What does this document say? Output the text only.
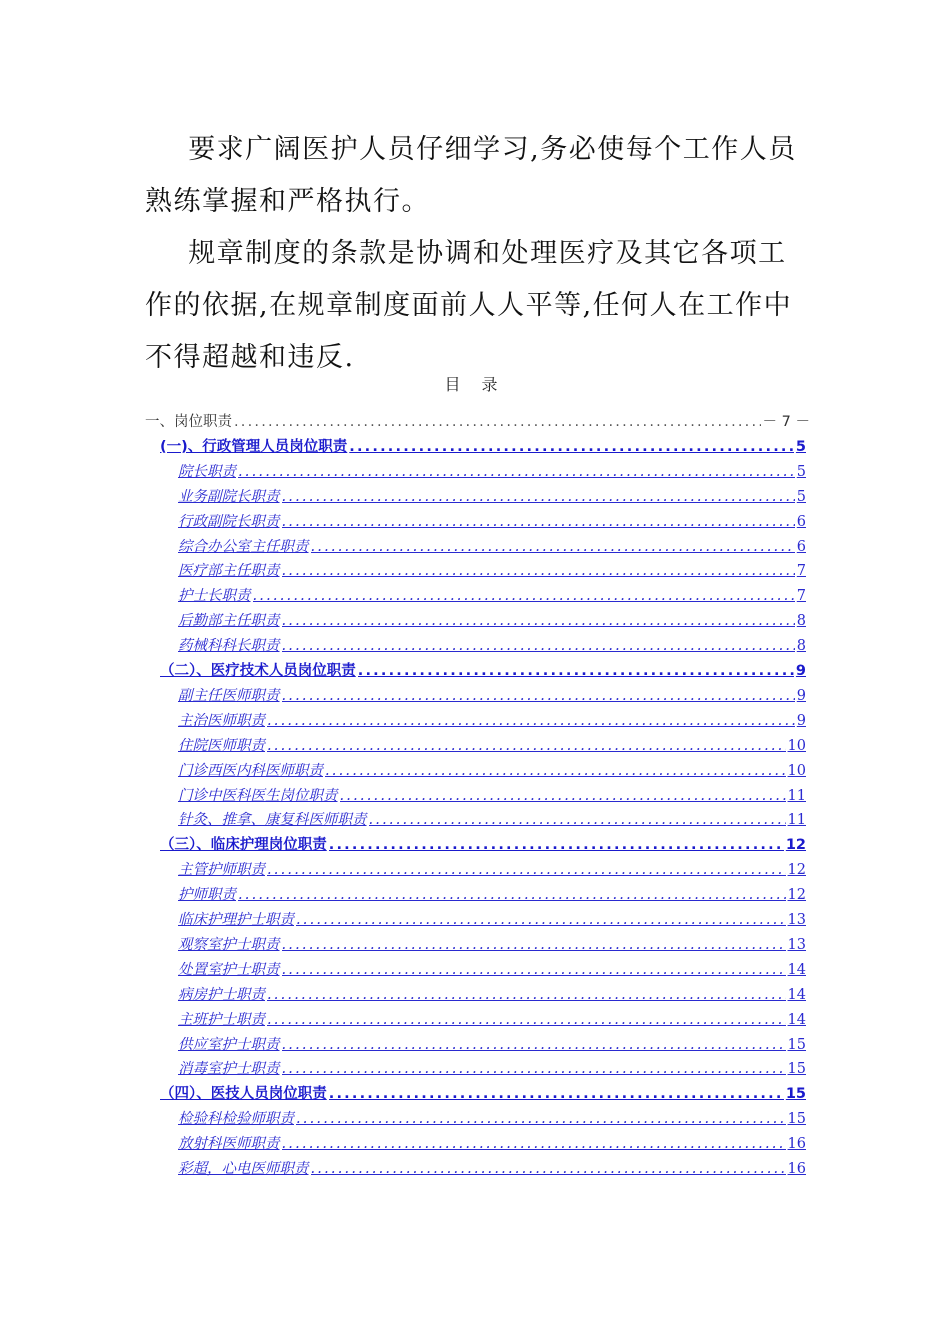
要求广阔医护人员仔细学习,务必使每个工作人员熟练掌握和严格执行。

规章制度的条款是协调和处理医疗及其它各项工作的依据,在规章制度面前人人平等,任何人在工作中不得超越和违反.

目 录
一、岗位职责 .....	－ 7 －
(一)、行政管理人员岗位职责 .....	5
院长职责 .....	5
业务副院长职责 .....	5
行政副院长职责 .....	6
综合办公室主任职责 .....	6
医疗部主任职责 .....	7
护士长职责 .....	7
后勤部主任职责 .....	8
药械科科长职责 .....	8
（二）、医疗技术人员岗位职责 .....	9
副主任医师职责 .....	9
主治医师职责 .....	9
住院医师职责 .....	10
门诊西医内科医师职责 .....	10
门诊中医科医生岗位职责 .....	11
针灸、推拿、康复科医师职责 .....	11
（三）、临床护理岗位职责 .....	12
主管护师职责 .....	12
护师职责 .....	12
临床护理护士职责 .....	13
观察室护士职责 .....	13
处置室护士职责 .....	14
病房护士职责 .....	14
主班护士职责 .....	14
供应室护士职责 .....	15
消毒室护士职责 .....	15
（四）、医技人员岗位职责 .....	15
检验科检验师职责 .....	15
放射科医师职责 .....	16
彩超，心电医师职责 .....	16
